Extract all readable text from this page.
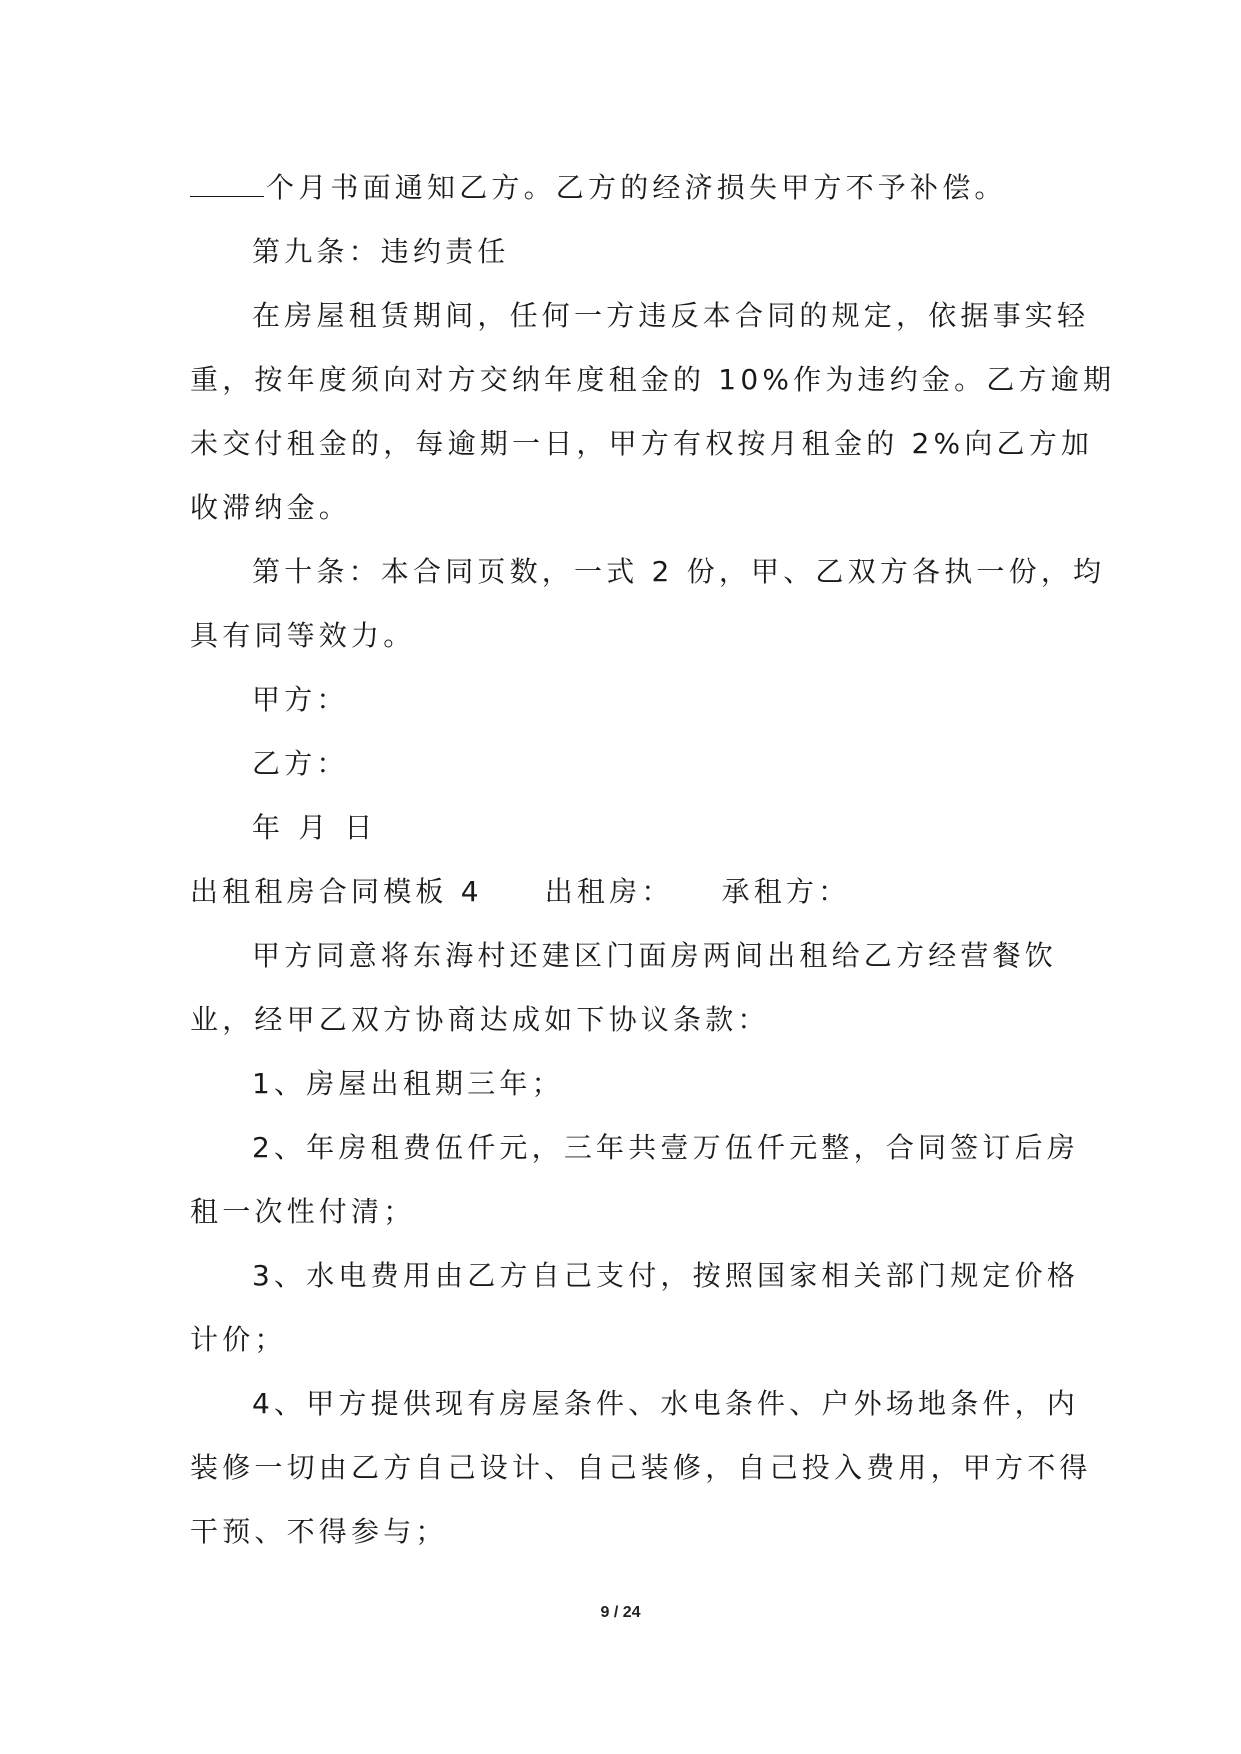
个月书面通知乙方。乙方的经济损失甲方不予补偿。
第九条：违约责任
在房屋租赁期间，任何一方违反本合同的规定，依据事实轻
重，按年度须向对方交纳年度租金的 10%作为违约金。乙方逾期
未交付租金的，每逾期一日，甲方有权按月租金的 2%向乙方加
收滞纳金。
第十条：本合同页数，一式 2 份，甲、乙双方各执一份，均
具有同等效力。
甲方：
乙方：
年 月 日
出租租房合同模板 4 出租房： 承租方：
甲方同意将东海村还建区门面房两间出租给乙方经营餐饮
业，经甲乙双方协商达成如下协议条款：
1、房屋出租期三年；
2、年房租费伍仟元，三年共壹万伍仟元整，合同签订后房
租一次性付清；
3、水电费用由乙方自己支付，按照国家相关部门规定价格
计价；
4、甲方提供现有房屋条件、水电条件、户外场地条件，内
装修一切由乙方自己设计、自己装修，自己投入费用，甲方不得
干预、不得参与；
9 / 24
